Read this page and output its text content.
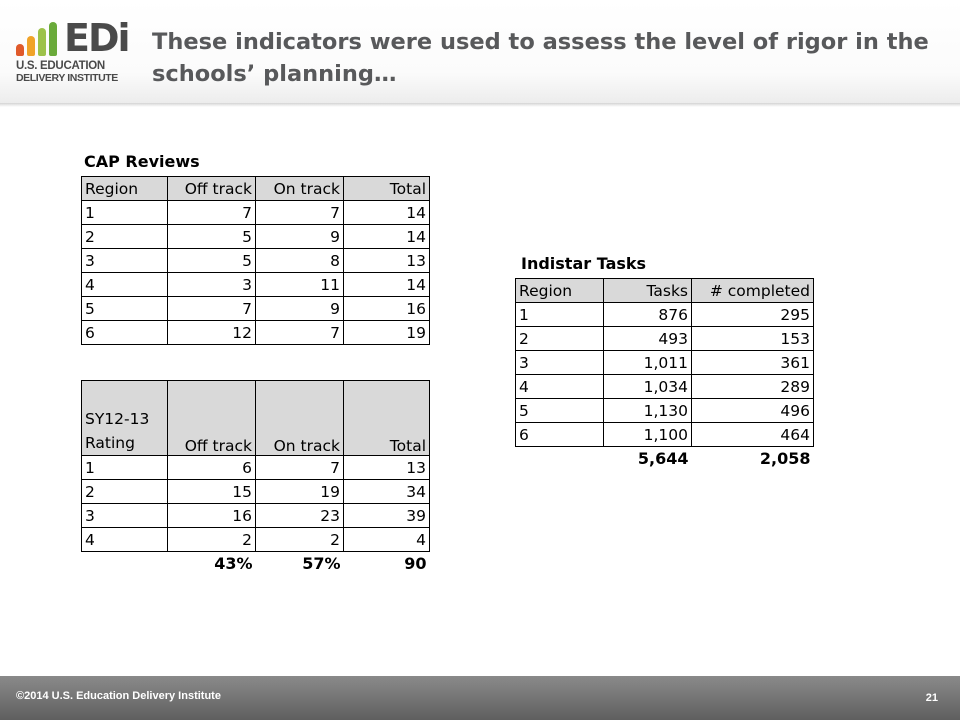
EDi
U.S. EDUCATION
DELIVERY INSTITUTE
These indicators were used to assess the level of rigor in the schools’ planning…
CAP Reviews
Region	Off track	On track	Total
1	7	7	14
2	5	9	14
3	5	8	13
4	3	11	14
5	7	9	16
6	12	7	19
SY12-13
Rating	Off track	On track	Total
1	6	7	13
2	15	19	34
3	16	23	39
4	2	2	4
	43%	57%	90
Indistar Tasks
Region	Tasks	# completed
1	876	295
2	493	153
3	1,011	361
4	1,034	289
5	1,130	496
6	1,100	464
	5,644	2,058
©2014 U.S. Education Delivery Institute	21
